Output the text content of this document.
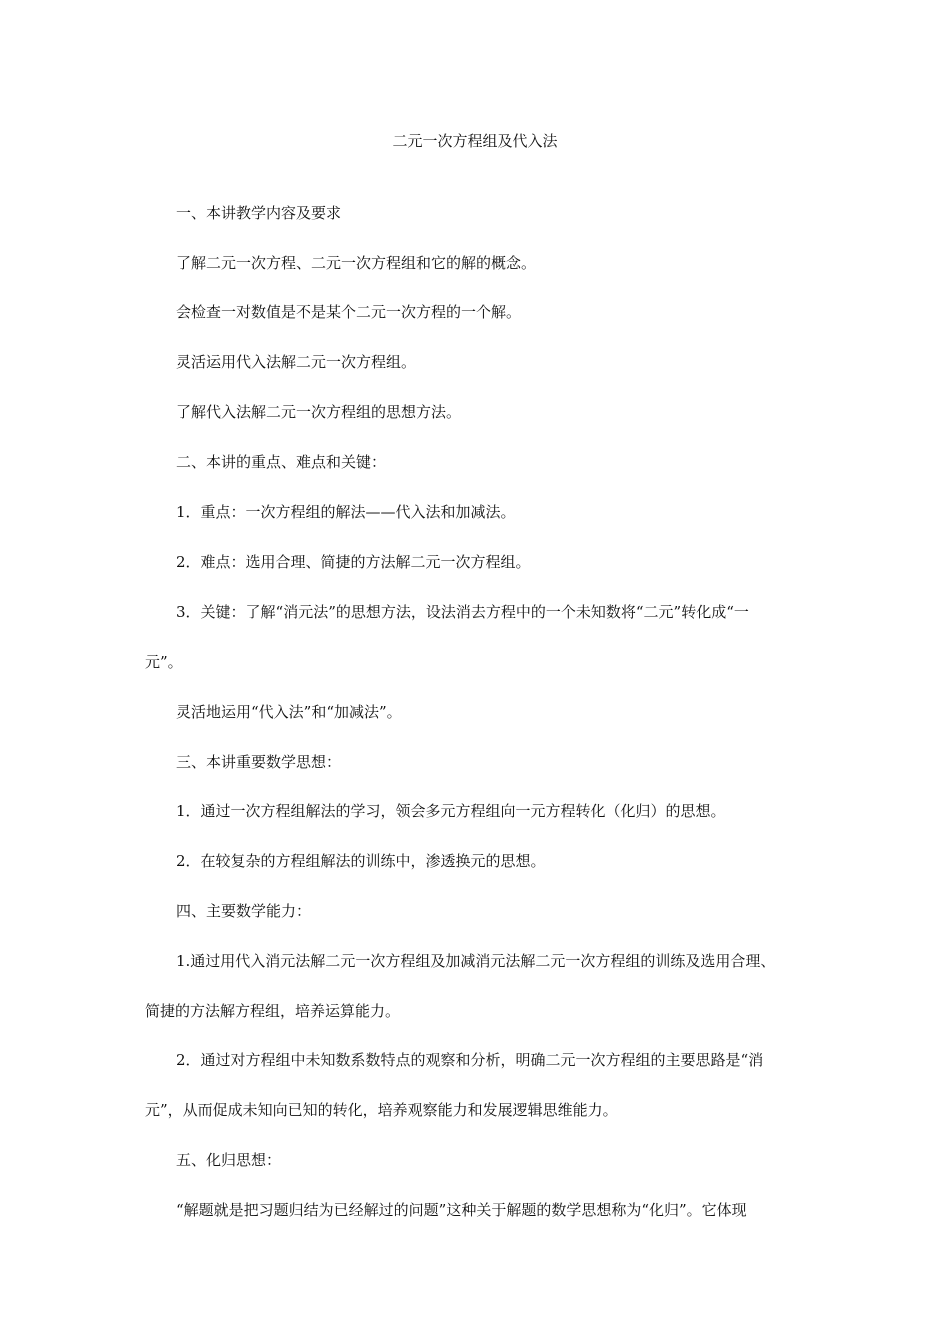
二元一次方程组及代入法
一、本讲教学内容及要求
了解二元一次方程、二元一次方程组和它的解的概念。
会检查一对数值是不是某个二元一次方程的一个解。
灵活运用代入法解二元一次方程组。
了解代入法解二元一次方程组的思想方法。
二、本讲的重点、难点和关键：
1．重点：一次方程组的解法——代入法和加减法。
2．难点：选用合理、简捷的方法解二元一次方程组。
3．关键：了解“消元法”的思想方法，设法消去方程中的一个未知数将“二元”转化成“一
元”。
灵活地运用“代入法”和“加减法”。
三、本讲重要数学思想：
1．通过一次方程组解法的学习，领会多元方程组向一元方程转化（化归）的思想。
2．在较复杂的方程组解法的训练中，渗透换元的思想。
四、主要数学能力：
1.通过用代入消元法解二元一次方程组及加减消元法解二元一次方程组的训练及选用合理、
简捷的方法解方程组，培养运算能力。
2．通过对方程组中未知数系数特点的观察和分析，明确二元一次方程组的主要思路是“消
元”，从而促成未知向已知的转化，培养观察能力和发展逻辑思维能力。
五、化归思想：
“解题就是把习题归结为已经解过的问题”这种关于解题的数学思想称为“化归”。它体现
